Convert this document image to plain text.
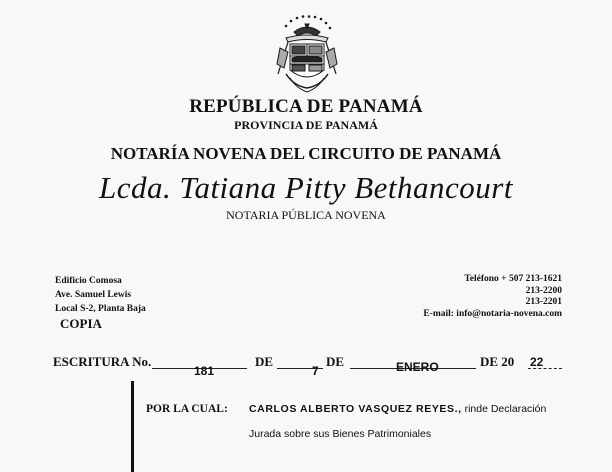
REPÚBLICA DE PANAMÁ
PROVINCIA DE PANAMÁ
NOTARÍA NOVENA DEL CIRCUITO DE PANAMÁ
Lcda. Tatiana Pitty Bethancourt
NOTARIA PÚBLICA NOVENA
Edificio Comosa
Ave. Samuel Lewis
Local S-2, Planta Baja
Teléfono + 507 213-1621
213-2200
213-2201
E-mail: info@notaria-novena.com
COPIA
ESCRITURA No.
181
DE
7
DE	ENERO	DE 20 22
POR LA CUAL: CARLOS ALBERTO VASQUEZ REYES., rinde Declaración
Jurada sobre sus Bienes Patrimoniales
